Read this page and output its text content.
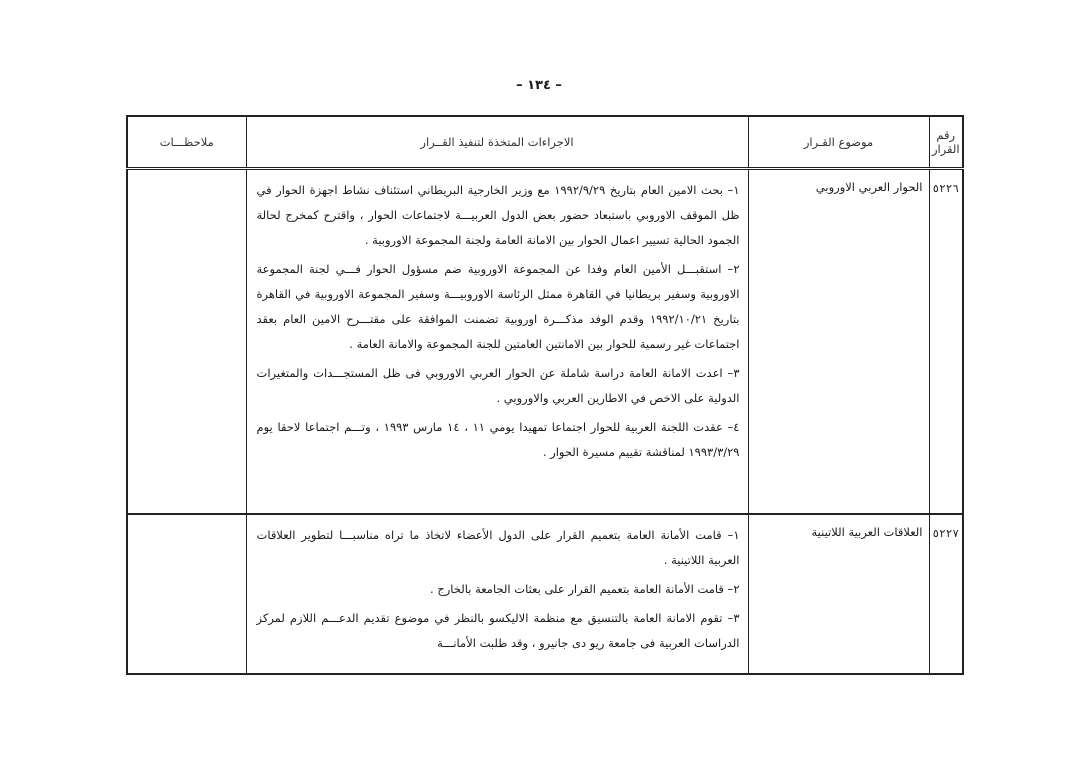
– ١٣٤ –
رقم القرار	موضوع القـرار	الاجراءات المتخذة لتنفيذ القــرار	ملاحظـــات
٥٢٢٦	الحوار العربي الاوروبي	١– بحث الامين العام بتاريخ ١٩٩٢/٩/٢٩ مع وزير الخارجية البريطاني استئناف نشاط اجهزة الحوار في ظل الموقف الاوروبي باستبعاد حضور بعض الدول العربيـــة لاجتماعات الحوار ، واقترح كمخرج لحالة الجمود الحالية تسيير اعمال الحوار بين الامانة العامة ولجنة المجموعة الاوروبية .
٢– استقبـــل الأمين العام وفدا عن المجموعة الاوروبية ضم مسؤول الحوار فـــي لجنة المجموعة الاوروبية وسفير بريطانيا في القاهرة ممثل الرئاسة الاوروبيـــة وسفير المجموعة الاوروبية في القاهرة بتاريخ ١٩٩٢/١٠/٢١ وقدم الوفد مذكـــرة اوروبية تضمنت الموافقة على مقتـــرح الامين العام بعقد اجتماعات غير رسمية للحوار بين الامانتين العامتين للجنة المجموعة والامانة العامة .
٣– اعدت الامانة العامة دراسة شاملة عن الحوار العربي الاوروبي فى ظل المستجـــدات والمتغيرات الدولية على الاخص في الاطارين العربي والاوروبي .
٤– عقدت اللجنة العربية للحوار اجتماعا تمهيدا يومي ١١ ، ١٤ مارس ١٩٩٣ ، وتـــم اجتماعا لاحقا يوم ١٩٩٣/٣/٢٩ لمناقشة تقييم مسيرة الحوار .	

٥٢٢٧	العلاقات العربية اللاتينية	١– قامت الأمانة العامة بتعميم القرار على الدول الأعضاء لاتخاذ ما تراه مناسبـــا لتطوير العلاقات العربية اللاتينية .
٢– قامت الأمانة العامة بتعميم القرار على بعثات الجامعة بالخارج .
٣– تقوم الامانة العامة بالتنسيق مع منظمة الاليكسو بالنظر في موضوع تقديم الدعـــم اللازم لمركز الدراسات العربية فى جامعة ريو دى جانيرو ، وقد طلبت الأمانـــة	
